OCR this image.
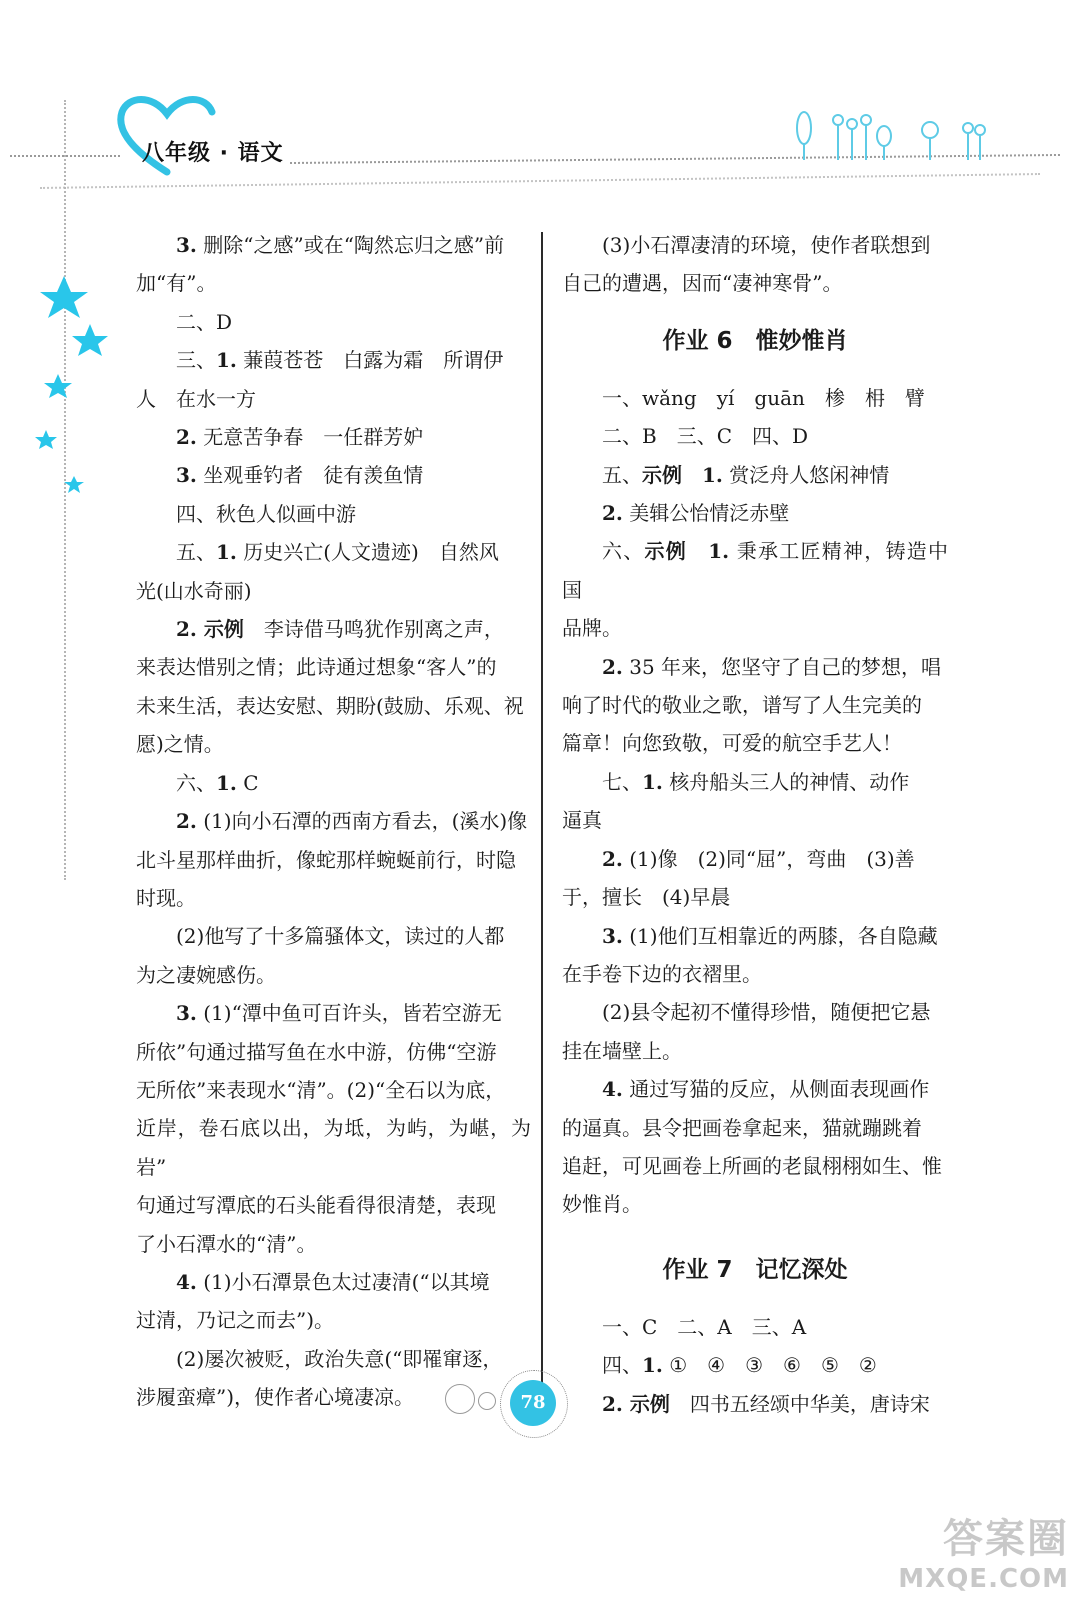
八年级 · 语文

3. 删除“之感”或在“陶然忘归之感”前

加“有”。

二、D

三、1. 蒹葭苍苍　白露为霜　所谓伊

人　在水一方

2. 无意苦争春　一任群芳妒

3. 坐观垂钓者　徒有羡鱼情

四、秋色人似画中游

五、1. 历史兴亡(人文遗迹)　自然风

光(山水奇丽)

2. 示例　李诗借马鸣犹作别离之声，

来表达惜别之情；此诗通过想象“客人”的

未来生活，表达安慰、期盼(鼓励、乐观、祝

愿)之情。

六、1. C

2. (1)向小石潭的西南方看去，(溪水)像

北斗星那样曲折，像蛇那样蜿蜒前行，时隐

时现。

(2)他写了十多篇骚体文，读过的人都

为之凄婉感伤。

3. (1)“潭中鱼可百许头，皆若空游无

所依”句通过描写鱼在水中游，仿佛“空游

无所依”来表现水“清”。(2)“全石以为底，

近岸，卷石底以出，为坻，为屿，为嵁，为岩”

句通过写潭底的石头能看得很清楚，表现

了小石潭水的“清”。

4. (1)小石潭景色太过凄清(“以其境

过清，乃记之而去”)。

(2)屡次被贬，政治失意(“即罹窜逐，

涉履蛮瘴”)，使作者心境凄凉。

(3)小石潭凄清的环境，使作者联想到

自己的遭遇，因而“凄神寒骨”。

作业 6　惟妙惟肖

一、wǎng　yí　guān　椮　枏　臂

二、B　三、C　四、D

五、示例　1. 赏泛舟人悠闲神情

2. 美辑公怡情泛赤壁

六、示例　1. 秉承工匠精神，铸造中国

品牌。

2. 35 年来，您坚守了自己的梦想，唱

响了时代的敬业之歌，谱写了人生完美的

篇章！向您致敬，可爱的航空手艺人！

七、1. 核舟船头三人的神情、动作

逼真

2. (1)像　(2)同“屈”，弯曲　(3)善

于，擅长　(4)早晨

3. (1)他们互相靠近的两膝，各自隐藏

在手卷下边的衣褶里。

(2)县令起初不懂得珍惜，随便把它悬

挂在墙壁上。

4. 通过写猫的反应，从侧面表现画作

的逼真。县令把画卷拿起来，猫就蹦跳着

追赶，可见画卷上所画的老鼠栩栩如生、惟

妙惟肖。

作业 7　记忆深处

一、C　二、A　三、A

四、1. ①　④　③　⑥　⑤　②

2. 示例　四书五经颂中华美，唐诗宋

78
答案圈
MXQE.COM
